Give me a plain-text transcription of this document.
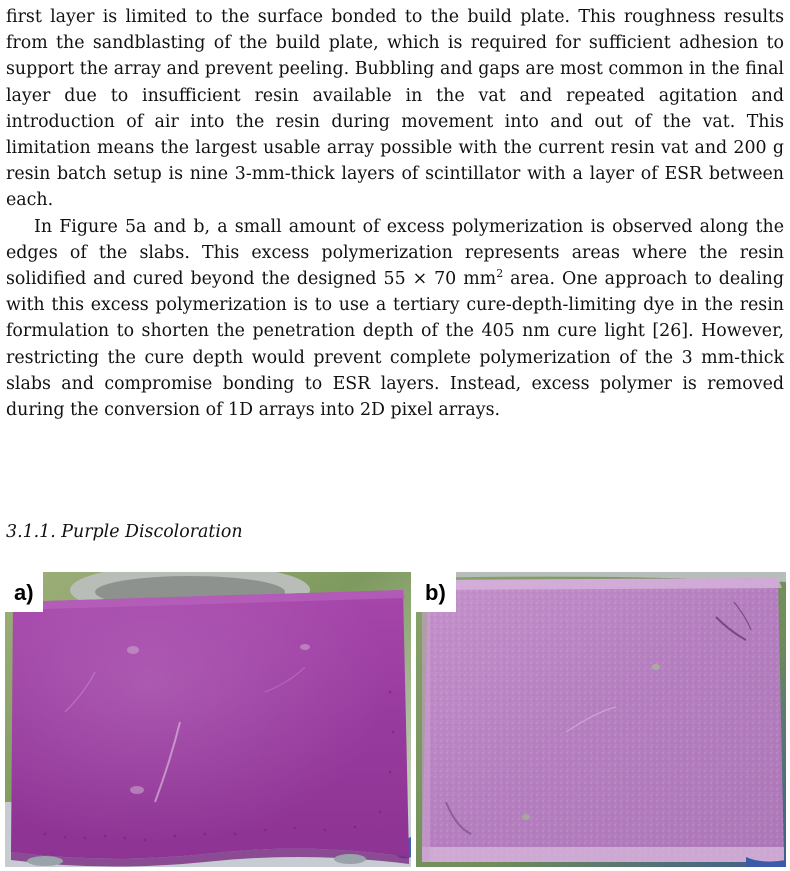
first layer is limited to the surface bonded to the build plate. This roughness results from the sandblasting of the build plate, which is required for sufficient adhesion to support the array and prevent peeling. Bubbling and gaps are most common in the final layer due to insufficient resin available in the vat and repeated agitation and introduction of air into the resin during movement into and out of the vat. This limitation means the largest usable array possible with the current resin vat and 200 g resin batch setup is nine 3-mm-thick layers of scintillator with a layer of ESR between each.

In Figure 5a and b, a small amount of excess polymerization is observed along the edges of the slabs. This excess polymerization represents areas where the resin solidified and cured beyond the designed 55 × 70 $mm^2$ area. One approach to dealing with this excess polymerization is to use a tertiary cure-depth-limiting dye in the resin formulation to shorten the penetration depth of the 405 nm cure light [26]. However, restricting the cure depth would prevent complete polymerization of the 3 mm-thick slabs and compromise bonding to ESR layers. Instead, excess polymer is removed during the conversion of 1D arrays into 2D pixel arrays.

3.1.1. Purple Discoloration
a)	b)
